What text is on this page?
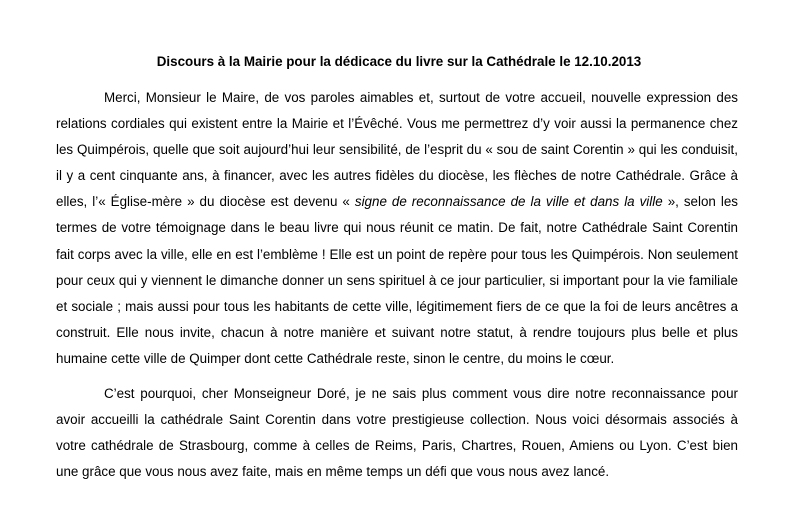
Discours à la Mairie pour la dédicace du livre sur la Cathédrale le 12.10.2013

Merci, Monsieur le Maire, de vos paroles aimables et, surtout de votre accueil, nouvelle expression des relations cordiales qui existent entre la Mairie et l’Évêché. Vous me permettrez d’y voir aussi la permanence chez les Quimpérois, quelle que soit aujourd’hui leur sensibilité, de l’esprit du « sou de saint Corentin » qui les conduisit, il y a cent cinquante ans, à financer, avec les autres fidèles du diocèse, les flèches de notre Cathédrale. Grâce à elles, l’« Église-mère » du diocèse est devenu « signe de reconnaissance de la ville et dans la ville », selon les termes de votre témoignage dans le beau livre qui nous réunit ce matin. De fait, notre Cathédrale Saint Corentin fait corps avec la ville, elle en est l’emblème ! Elle est un point de repère pour tous les Quimpérois. Non seulement pour ceux qui y viennent le dimanche donner un sens spirituel à ce jour particulier, si important pour la vie familiale et sociale ; mais aussi pour tous les habitants de cette ville, légitimement fiers de ce que la foi de leurs ancêtres a construit. Elle nous invite, chacun à notre manière et suivant notre statut, à rendre toujours plus belle et plus humaine cette ville de Quimper dont cette Cathédrale reste, sinon le centre, du moins le cœur.

C’est pourquoi, cher Monseigneur Doré, je ne sais plus comment vous dire notre reconnaissance pour avoir accueilli la cathédrale Saint Corentin dans votre prestigieuse collection. Nous voici désormais associés à votre cathédrale de Strasbourg, comme à celles de Reims, Paris, Chartres, Rouen, Amiens ou Lyon. C’est bien une grâce que vous nous avez faite, mais en même temps un défi que vous nous avez lancé.
